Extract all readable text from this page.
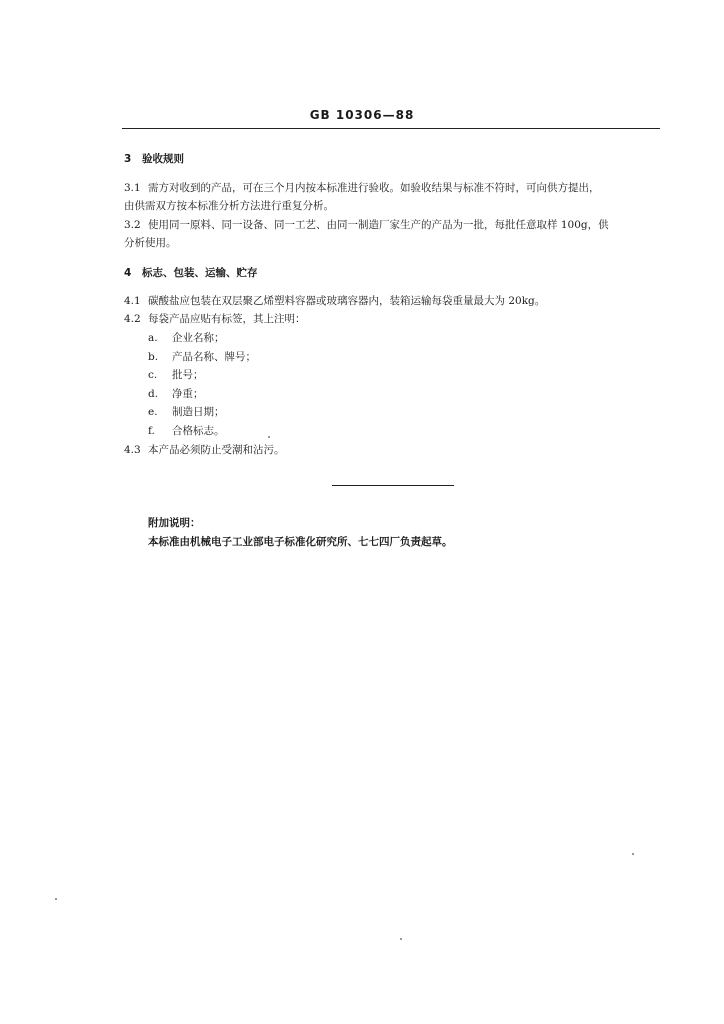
GB 10306—88
3 验收规则
3.1 需方对收到的产品，可在三个月内按本标准进行验收。如验收结果与标准不符时，可向供方提出，
由供需双方按本标准分析方法进行重复分析。
3.2 使用同一原料、同一设备、同一工艺、由同一制造厂家生产的产品为一批，每批任意取样 100g，供
分析使用。
4 标志、包装、运输、贮存
4.1 碳酸盐应包装在双层聚乙烯塑料容器或玻璃容器内，装箱运输每袋重量最大为 20kg。
4.2 每袋产品应贴有标签，其上注明：
a. 企业名称；
b. 产品名称、牌号；
c. 批号；
d. 净重；
e. 制造日期；
f. 合格标志。
4.3 本产品必须防止受潮和沾污。
附加说明：
本标准由机械电子工业部电子标准化研究所、七七四厂负责起草。
